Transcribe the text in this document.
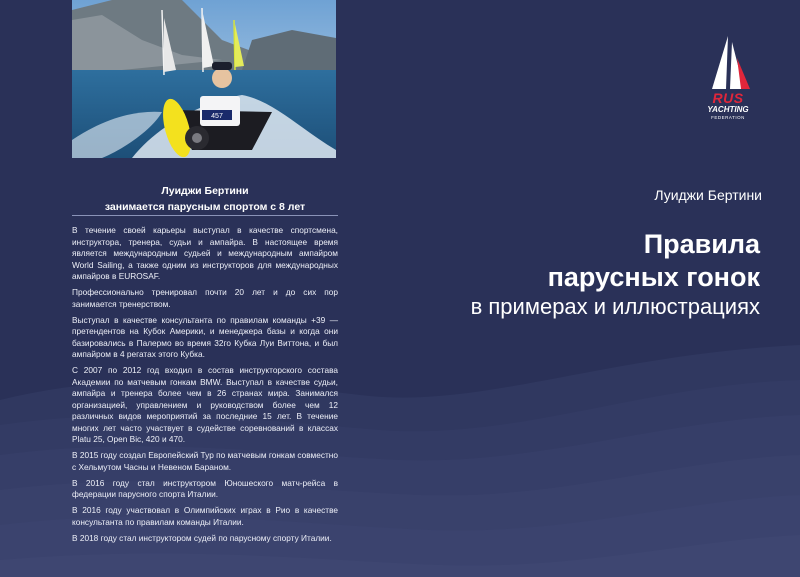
457
Луиджи Бертини
занимается парусным спортом с 8 лет

В течение своей карьеры выступал в качестве спортсмена, инструктора, тренера, судьи и ампайра. В настоящее время является международным судьей и международным ампайром World Sailing, а также одним из инструкторов для международных ампайров в EUROSAF.

Профессионально тренировал почти 20 лет и до сих пор занимается тренерством.

Выступал в качестве консультанта по правилам команды +39 — претендентов на Кубок Америки, и менеджера базы и когда они базировались в Палермо во время 32го Кубка Луи Виттона, и был ампайром в 4 регатах этого Кубка.

С 2007 по 2012 год входил в состав инструкторского состава Академии по матчевым гонкам BMW. Выступал в качестве судьи, ампайра и тренера более чем в 26 странах мира. Занимался организацией, управлением и руководством более чем 12 различных видов мероприятий за последние 15 лет. В течение многих лет часто участвует в судействе соревнований в классах Platu 25, Open Bic, 420 и 470.

В 2015 году создал Европейский Тур по матчевым гонкам совместно с Хельмутом Часны и Невеном Бараном.

В 2016 году стал инструктором Юношеского матч-рейса в федерации парусного спорта Италии.

В 2016 году участвовал в Олимпийских играх в Рио в качестве консультанта по правилам команды Италии.

В 2018 году стал инструктором судей по парусному спорту Италии.

RUS
YACHTING
FEDERATION
Луиджи Бертини
Правила
парусных гонок
в примерах и иллюстрациях
